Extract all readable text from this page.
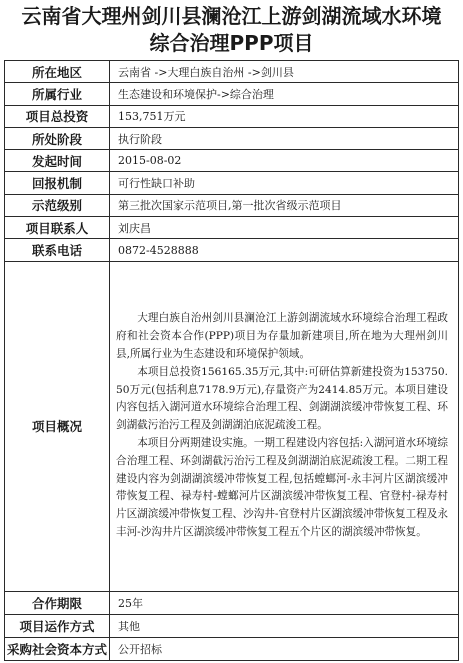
云南省大理州剑川县澜沧江上游剑湖流域水环境
综合治理PPP项目
所在地区	云南省 ->大理白族自治州 ->剑川县
所属行业	生态建设和环境保护->综合治理
项目总投资	153,751万元
所处阶段	执行阶段
发起时间	2015-08-02
回报机制	可行性缺口补助
示范级别	第三批次国家示范项目,第一批次省级示范项目
项目联系人	刘庆昌
联系电话	0872-4528888
项目概况	大理白族自治州剑川县澜沧江上游剑湖流域水环境综合治理工程政府和社会资本合作(PPP)项目为存量加新建项目,所在地为大理州剑川县,所属行业为生态建设和环境保护领域。

本项目总投资156165.35万元,其中:可研估算新建投资为153750.50万元(包括利息7178.9万元),存量资产为2414.85万元。本项目建设内容包括入湖河道水环境综合治理工程、剑湖湖滨缓冲带恢复工程、环剑湖截污治污工程及剑湖湖泊底泥疏浚工程。

本项目分两期建设实施。一期工程建设内容包括:入湖河道水环境综合治理工程、环剑湖截污治污工程及剑湖湖泊底泥疏浚工程。二期工程建设内容为剑湖湖滨缓冲带恢复工程,包括螳螂河-永丰河片区湖滨缓冲带恢复工程、禄寿村-螳螂河片区湖滨缓冲带恢复工程、官登村-禄寿村片区湖滨缓冲带恢复工程、沙沟井-官登村片区湖滨缓冲带恢复工程及永丰河-沙沟井片区湖滨缓冲带恢复工程五个片区的湖滨缓冲带恢复。

合作期限	25年
项目运作方式	其他
采购社会资本方式	公开招标
